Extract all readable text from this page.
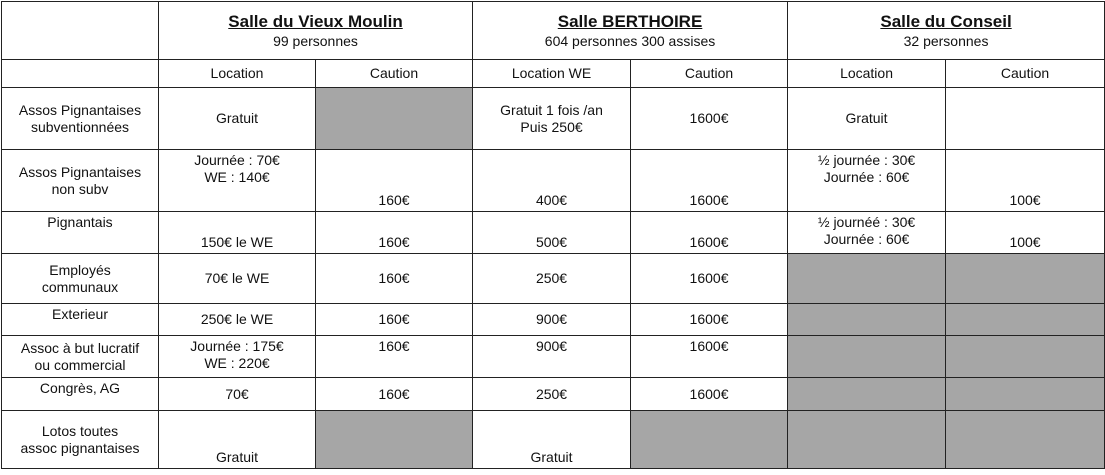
	Salle du Vieux Moulin
99 personnes		Salle BERTHOIRE
604 personnes 300 assises		Salle du Conseil
32 personnes	

	Location	Caution	Location WE	Caution	Location	Caution

Assos Pignantaises
subventionnées	Gratuit		Gratuit 1 fois /an
Puis 250€	1600€	Gratuit	

Assos Pignantaises
non subv	Journée : 70€
WE : 140€	160€	400€	1600€	½ journée : 30€
Journée : 60€	100€

Pignantais	150€ le WE	160€	500€	1600€	½ journéé : 30€
Journée : 60€	100€

Employés
communaux	70€ le WE	160€	250€	1600€		

Exterieur	250€ le WE	160€	900€	1600€		

Assoc à but lucratif
ou commercial	Journée : 175€
WE : 220€	160€	900€	1600€		

Congrès, AG	70€	160€	250€	1600€		

Lotos toutes
assoc pignantaises	Gratuit		Gratuit			
